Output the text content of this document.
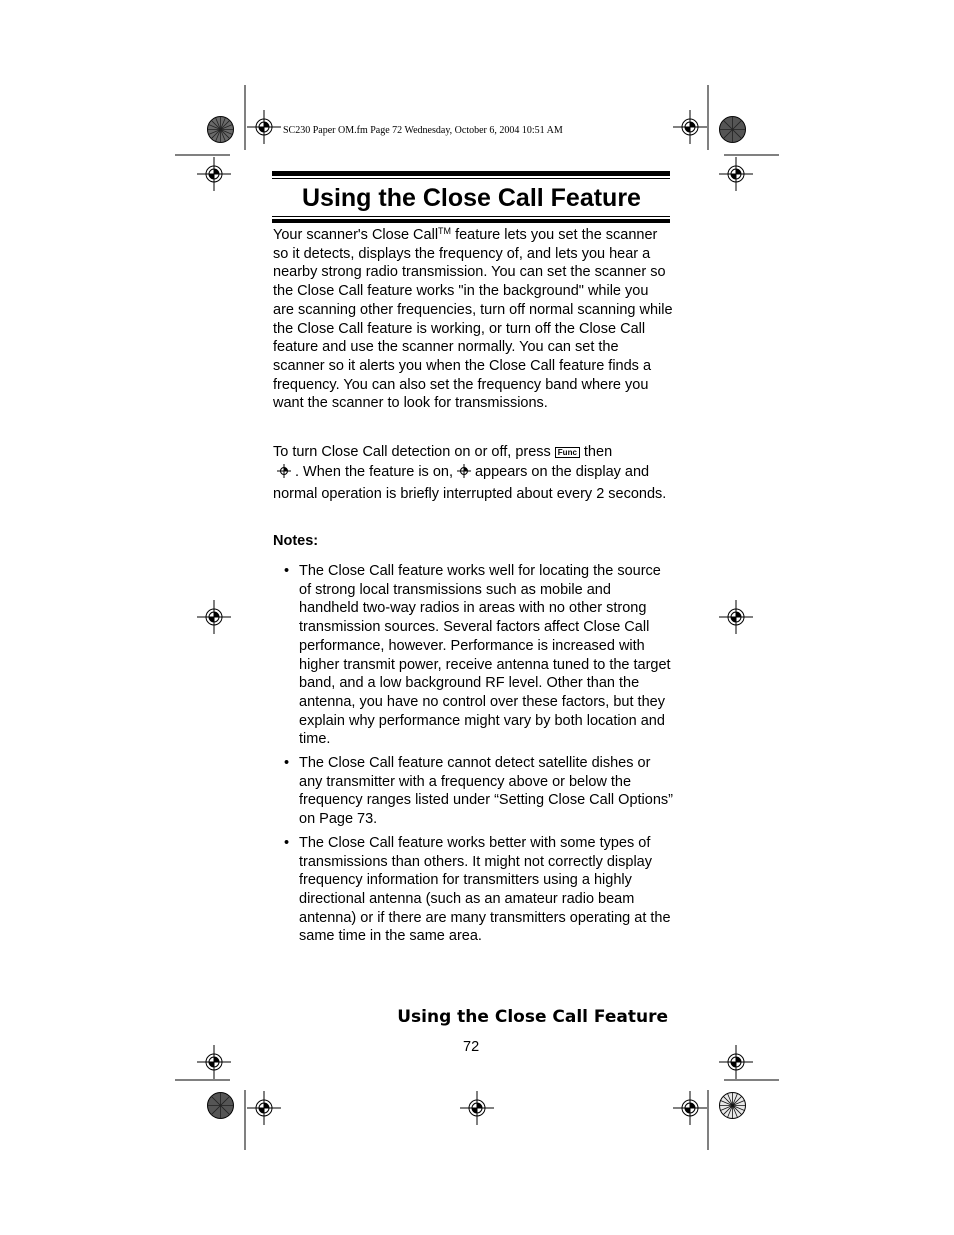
SC230 Paper OM.fm Page 72 Wednesday, October 6, 2004 10:51 AM
Using the Close Call Feature

Your scanner's Close Call™ feature lets you set the scanner so it detects, displays the frequency of, and lets you hear a nearby strong radio transmission. You can set the scanner so the Close Call feature works "in the background" while you are scanning other frequencies, turn off normal scanning while the Close Call feature is working, or turn off the Close Call feature and use the scanner normally. You can set the scanner so it alerts you when the Close Call feature finds a frequency. You can also set the frequency band where you want the scanner to look for transmissions.

To turn Close Call detection on or off, press Func then
. When the feature is on, appears on the display and normal operation is briefly interrupted about every 2 seconds.

Notes:

• The Close Call feature works well for locating the source of strong local transmissions such as mobile and handheld two-way radios in areas with no other strong transmission sources. Several factors affect Close Call performance, however. Performance is increased with higher transmit power, receive antenna tuned to the target band, and a low background RF level. Other than the antenna, you have no control over these factors, but they explain why performance might vary by both location and time.
• The Close Call feature cannot detect satellite dishes or any transmitter with a frequency above or below the frequency ranges listed under “Setting Close Call Options” on Page 73.
• The Close Call feature works better with some types of transmissions than others. It might not correctly display frequency information for transmitters using a highly directional antenna (such as an amateur radio beam antenna) or if there are many transmitters operating at the same time in the same area.
Using the Close Call Feature
72
